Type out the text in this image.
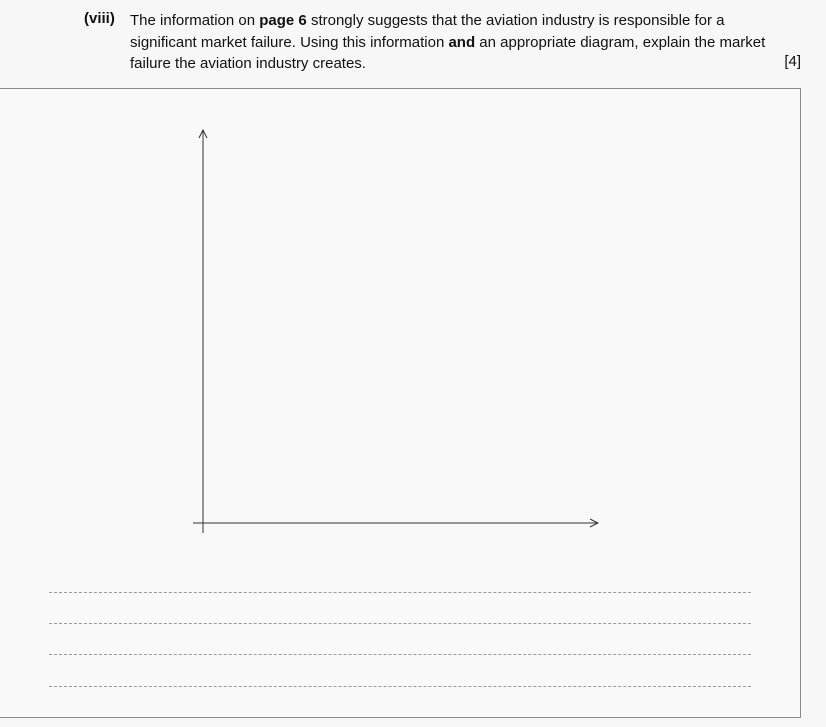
(viii) The information on page 6 strongly suggests that the aviation industry is responsible for a significant market failure. Using this information and an appropriate diagram, explain the market failure the aviation industry creates.	[4]
